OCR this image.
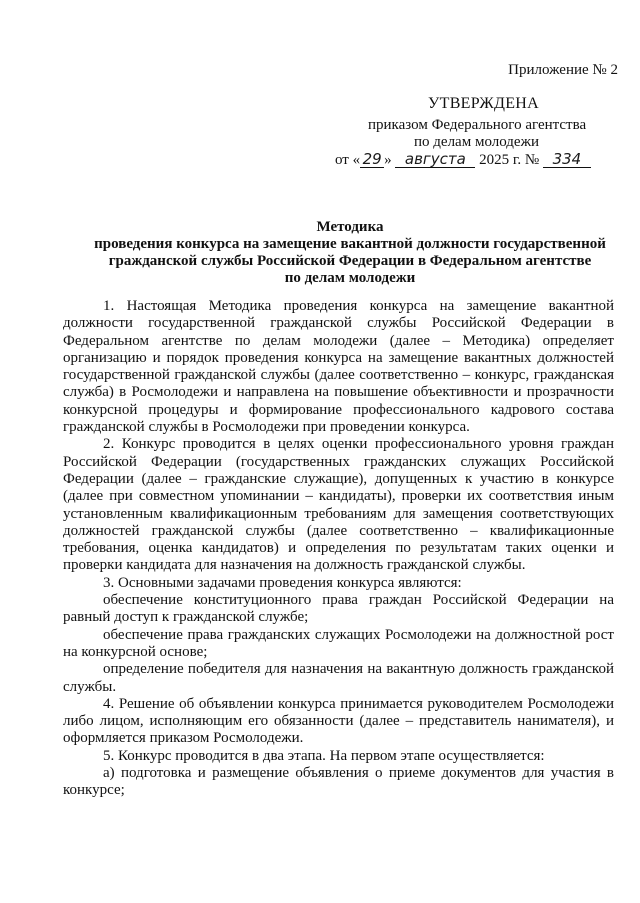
Приложение № 2
УТВЕРЖДЕНА
приказом Федерального агентства
по делам молодежи
от « 29 » августа 2025 г. № 334
Методика
проведения конкурса на замещение вакантной должности государственной
гражданской службы Российской Федерации в Федеральном агентстве
по делам молодежи

1. Настоящая Методика проведения конкурса на замещение вакантной должности государственной гражданской службы Российской Федерации в Федеральном агентстве по делам молодежи (далее – Методика) определяет организацию и порядок проведения конкурса на замещение вакантных должностей государственной гражданской службы (далее соответственно – конкурс, гражданская служба) в Росмолодежи и направлена на повышение объективности и прозрачности конкурсной процедуры и формирование профессионального кадрового состава гражданской службы в Росмолодежи при проведении конкурса.

2. Конкурс проводится в целях оценки профессионального уровня граждан Российской Федерации (государственных гражданских служащих Российской Федерации (далее – гражданские служащие), допущенных к участию в конкурсе (далее при совместном упоминании – кандидаты), проверки их соответствия иным установленным квалификационным требованиям для замещения соответствующих должностей гражданской службы (далее соответственно – квалификационные требования, оценка кандидатов) и определения по результатам таких оценки и проверки кандидата для назначения на должность гражданской службы.

3. Основными задачами проведения конкурса являются:

обеспечение конституционного права граждан Российской Федерации на равный доступ к гражданской службе;

обеспечение права гражданских служащих Росмолодежи на должностной рост на конкурсной основе;

определение победителя для назначения на вакантную должность гражданской службы.

4. Решение об объявлении конкурса принимается руководителем Росмолодежи либо лицом, исполняющим его обязанности (далее – представитель нанимателя), и оформляется приказом Росмолодежи.

5. Конкурс проводится в два этапа. На первом этапе осуществляется:

а) подготовка и размещение объявления о приеме документов для участия в конкурсе;
